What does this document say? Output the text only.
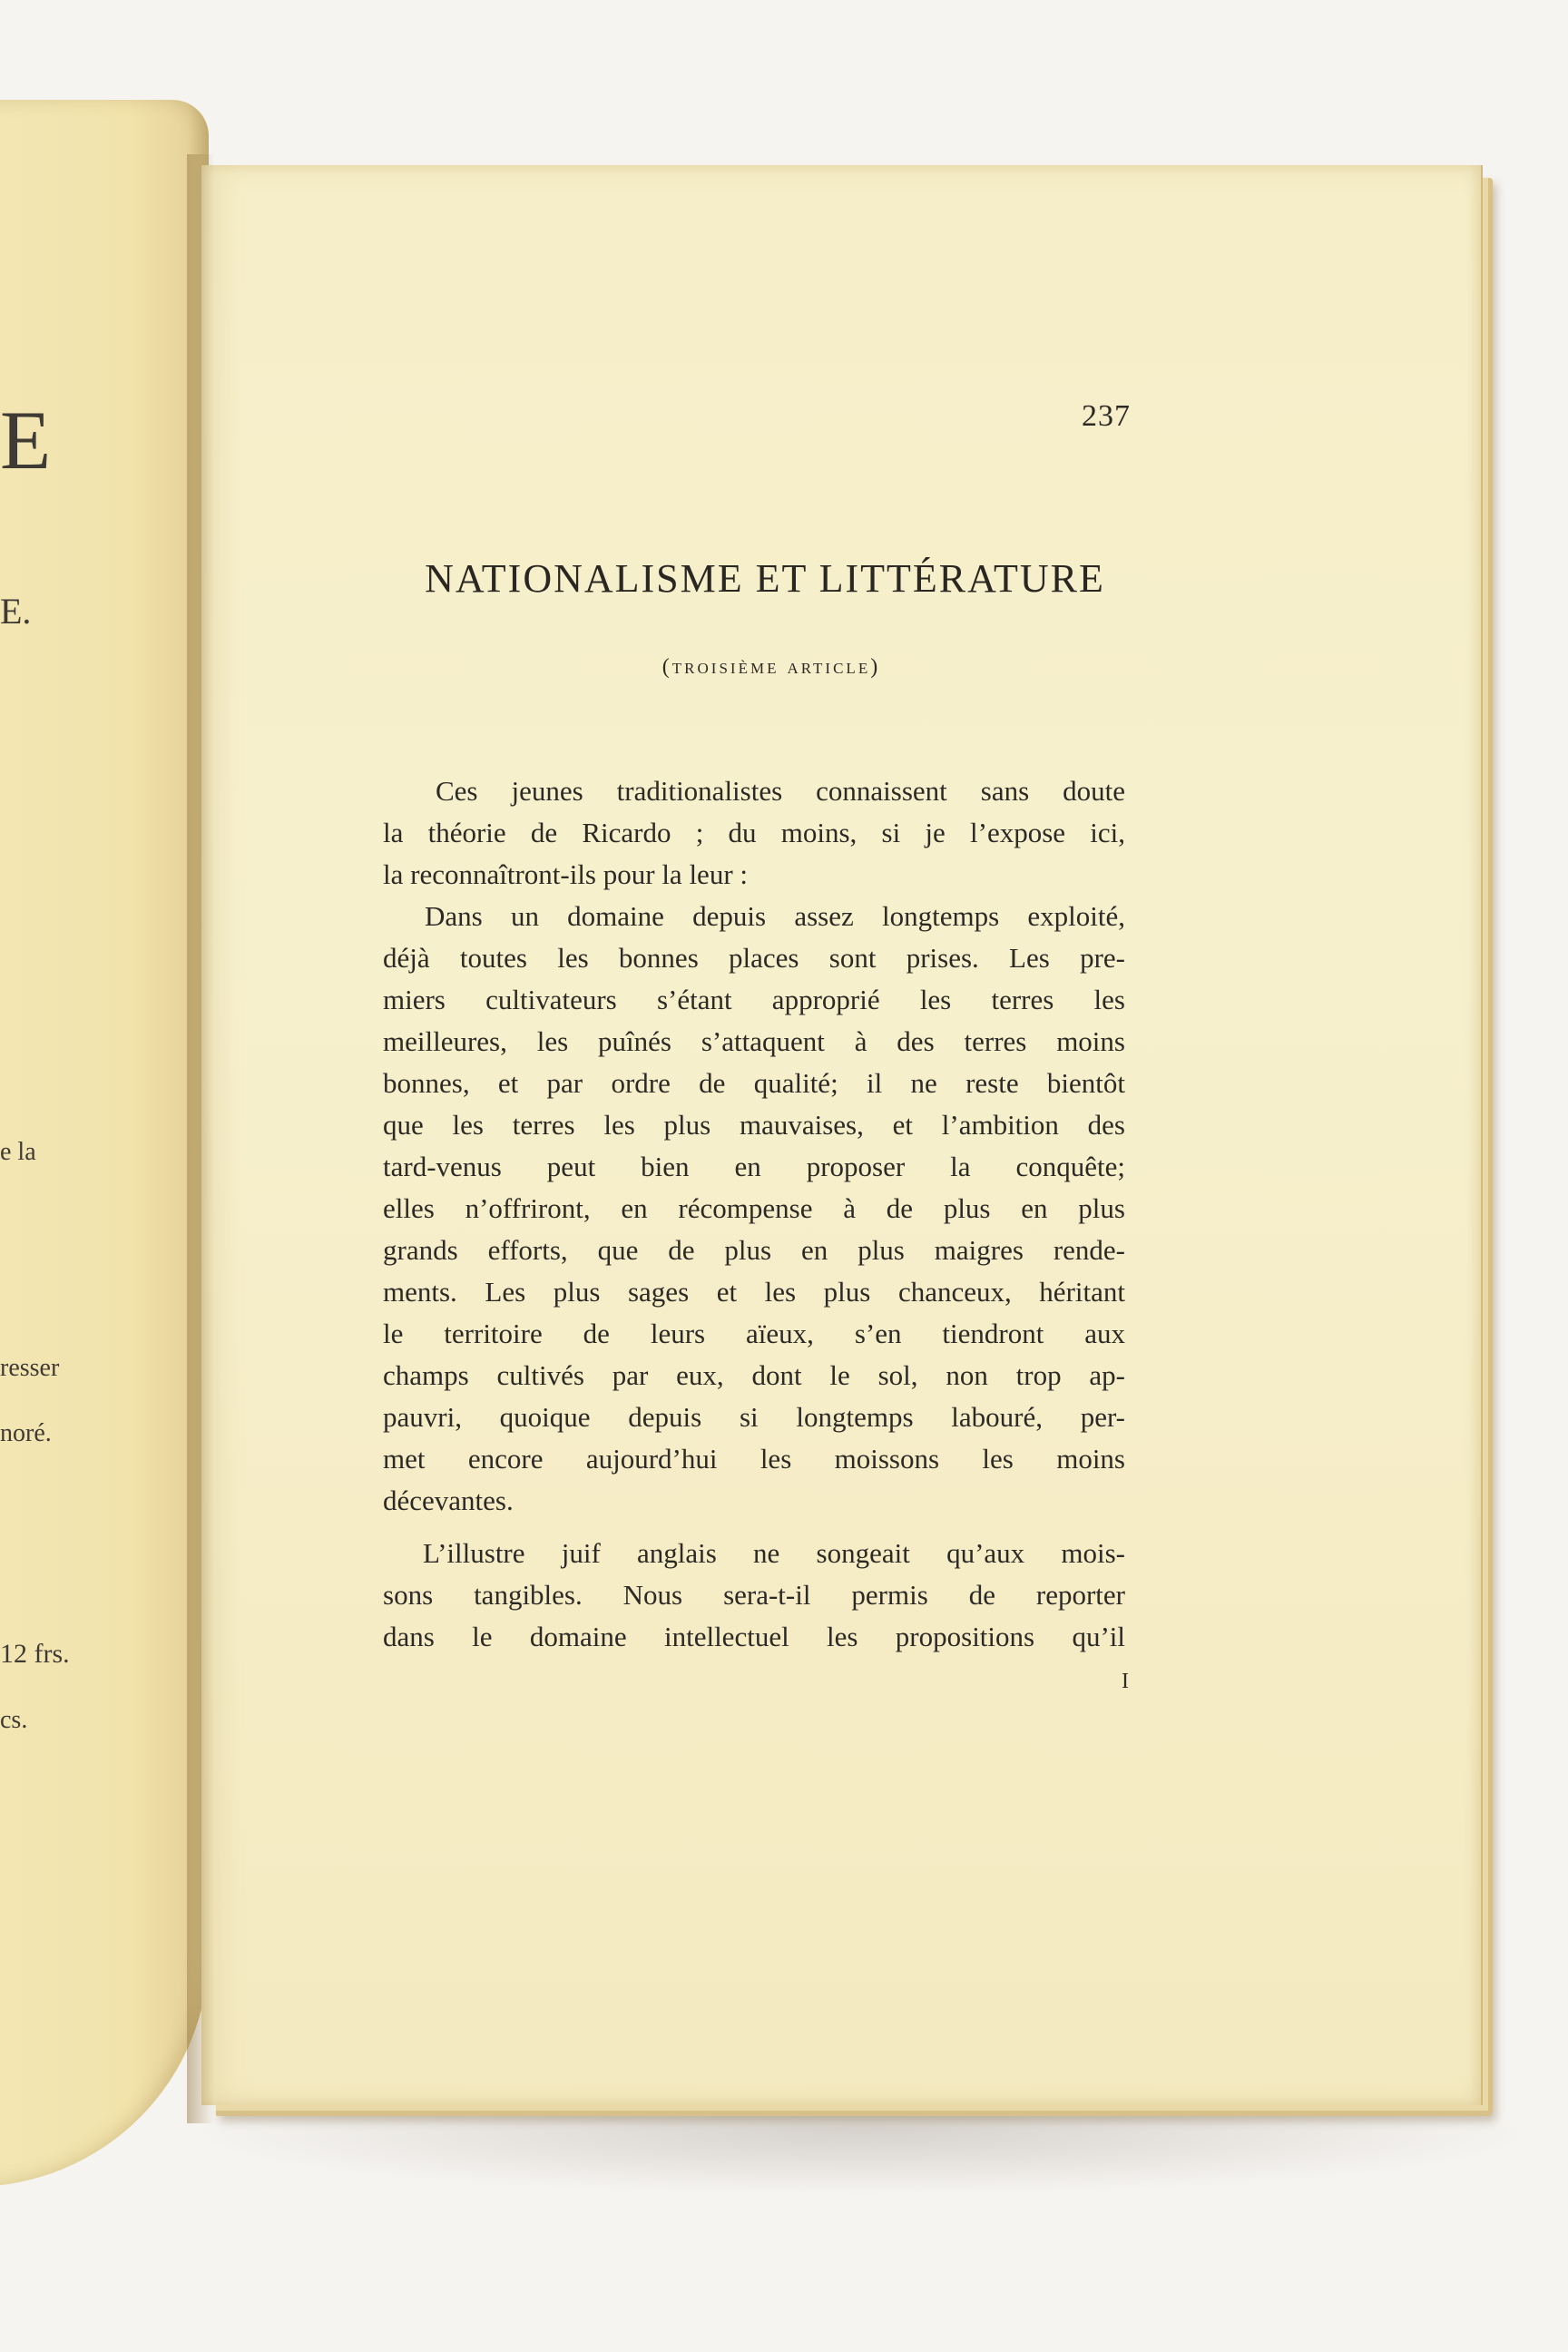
E
E.
e la
resser
noré.
12 frs.
cs.
237
NATIONALISME ET LITTÉRATURE
(troisième article)
Ces jeunes traditionalistes connaissent sans doute
la théorie de Ricardo ; du moins, si je l’expose ici,
la reconnaîtront-ils pour la leur :
Dans un domaine depuis assez longtemps exploité,
déjà toutes les bonnes places sont prises. Les pre-
miers cultivateurs s’étant approprié les terres les
meilleures, les puînés s’attaquent à des terres moins
bonnes, et par ordre de qualité; il ne reste bientôt
que les terres les plus mauvaises, et l’ambition des
tard-venus peut bien en proposer la conquête;
elles n’offriront, en récompense à de plus en plus
grands efforts, que de plus en plus maigres rende-
ments. Les plus sages et les plus chanceux, héritant
le territoire de leurs aïeux, s’en tiendront aux
champs cultivés par eux, dont le sol, non trop ap-
pauvri, quoique depuis si longtemps labouré, per-
met encore aujourd’hui les moissons les moins
décevantes.
L’illustre juif anglais ne songeait qu’aux mois-
sons tangibles. Nous sera-t-il permis de reporter
dans le domaine intellectuel les propositions qu’il
I
